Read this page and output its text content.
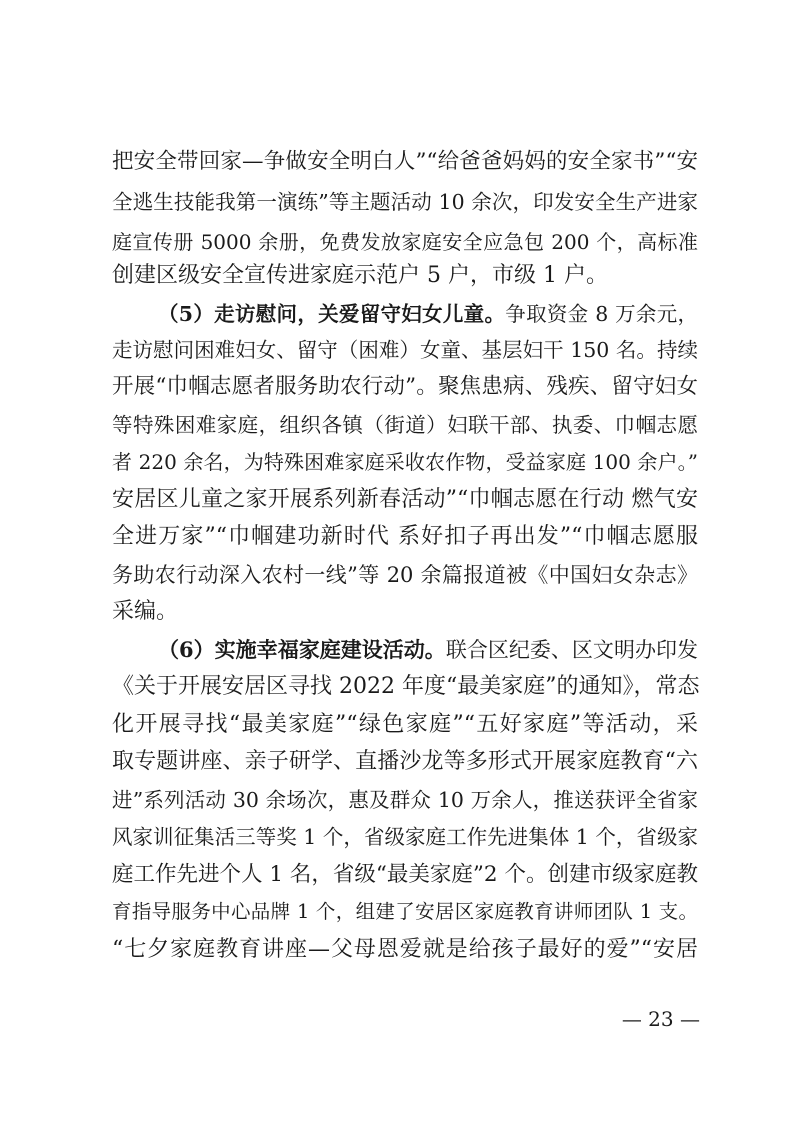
把安全带回家—争做安全明白人”“给爸爸妈妈的安全家书”“安
全逃生技能我第一演练”等主题活动 10 余次，印发安全生产进家
庭宣传册 5000 余册，免费发放家庭安全应急包 200 个，高标准
创建区级安全宣传进家庭示范户 5 户，市级 1 户。
（5）走访慰问，关爱留守妇女儿童。争取资金 8 万余元，
走访慰问困难妇女、留守（困难）女童、基层妇干 150 名。持续
开展“巾帼志愿者服务助农行动”。聚焦患病、残疾、留守妇女
等特殊困难家庭，组织各镇（街道）妇联干部、执委、巾帼志愿
者 220 余名，为特殊困难家庭采收农作物，受益家庭 100 余户。”
安居区儿童之家开展系列新春活动”“巾帼志愿在行动 燃气安
全进万家”“巾帼建功新时代 系好扣子再出发”“巾帼志愿服
务助农行动深入农村一线”等 20 余篇报道被《中国妇女杂志》
采编。
（6）实施幸福家庭建设活动。联合区纪委、区文明办印发
《关于开展安居区寻找 2022 年度“最美家庭”的通知》，常态
化开展寻找“最美家庭”“绿色家庭”“五好家庭”等活动，采
取专题讲座、亲子研学、直播沙龙等多形式开展家庭教育“六
进”系列活动 30 余场次，惠及群众 10 万余人，推送获评全省家
风家训征集活三等奖 1 个，省级家庭工作先进集体 1 个，省级家
庭工作先进个人 1 名，省级“最美家庭”2 个。创建市级家庭教
育指导服务中心品牌 1 个，组建了安居区家庭教育讲师团队 1 支。
“七夕家庭教育讲座—父母恩爱就是给孩子最好的爱”“安居
— 23 —
